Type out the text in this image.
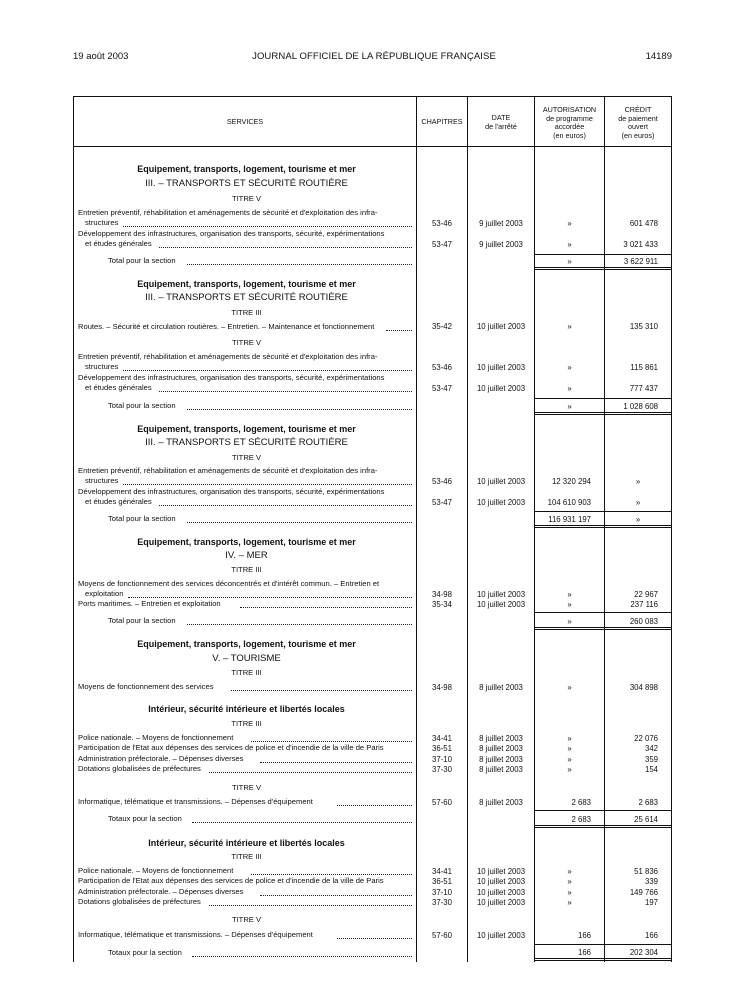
19 août 2003	JOURNAL OFFICIEL DE LA RÉPUBLIQUE FRANÇAISE	14189
SERVICES	CHAPITRES	DATE
de l'arrêté
AUTORISATION
de programme
accordée
(en euros)
CRÉDIT
de paiement
ouvert
(en euros)
Equipement, transports, logement, tourisme et mer
III. – TRANSPORTS ET SÉCURITÉ ROUTIÈRE
TITRE V
Entretien préventif, réhabilitation et aménagements de sécurité et d'exploitation des infra-
structures	53-46	9 juillet 2003	»	601 478
Développement des infrastructures, organisation des transports, sécurité, expérimentations
et études générales	53-47	9 juillet 2003	»	3 021 433
Total pour la section	»	3 622 911
Equipement, transports, logement, tourisme et mer
III. – TRANSPORTS ET SÉCURITÉ ROUTIÈRE
TITRE III
Routes. – Sécurité et circulation routières. – Entretien. – Maintenance et fonctionnement	35-42	10 juillet 2003	»	135 310
TITRE V
Entretien préventif, réhabilitation et aménagements de sécurité et d'exploitation des infra-
structures	53-46	10 juillet 2003	»	115 861
Développement des infrastructures, organisation des transports, sécurité, expérimentations
et études générales	53-47	10 juillet 2003	»	777 437
Total pour la section	»	1 028 608
Equipement, transports, logement, tourisme et mer
III. – TRANSPORTS ET SÉCURITÉ ROUTIÈRE
TITRE V
Entretien préventif, réhabilitation et aménagements de sécurité et d'exploitation des infra-
structures	53-46	10 juillet 2003	12 320 294	»
Développement des infrastructures, organisation des transports, sécurité, expérimentations
et études générales	53-47	10 juillet 2003	104 610 903	»
Total pour la section	116 931 197	»
Equipement, transports, logement, tourisme et mer
IV. – MER
TITRE III
Moyens de fonctionnement des services déconcentrés et d'intérêt commun. – Entretien et
exploitation	34-98	10 juillet 2003	»	22 967
Ports maritimes. – Entretien et exploitation	35-34	10 juillet 2003	»	237 116
Total pour la section	»	260 083
Equipement, transports, logement, tourisme et mer
V. – TOURISME
TITRE III
Moyens de fonctionnement des services	34-98	8 juillet 2003	»	304 898
Intérieur, sécurité intérieure et libertés locales
TITRE III
Police nationale. – Moyens de fonctionnement	34-41	8 juillet 2003	»	22 076
Participation de l'Etat aux dépenses des services de police et d'incendie de la ville de Paris	36-51	8 juillet 2003	»	342
Administration préfectorale. – Dépenses diverses	37-10	8 juillet 2003	»	359
Dotations globalisées de préfectures	37-30	8 juillet 2003	»	154
TITRE V
Informatique, télématique et transmissions. – Dépenses d'équipement	57-60	8 juillet 2003	2 683	2 683
Totaux pour la section	2 683	25 614
Intérieur, sécurité intérieure et libertés locales
TITRE III
Police nationale. – Moyens de fonctionnement	34-41	10 juillet 2003	»	51 836
Participation de l'Etat aux dépenses des services de police et d'incendie de la ville de Paris	36-51	10 juillet 2003	»	339
Administration préfectorale. – Dépenses diverses	37-10	10 juillet 2003	»	149 766
Dotations globalisées de préfectures	37-30	10 juillet 2003	»	197
TITRE V
Informatique, télématique et transmissions. – Dépenses d'équipement	57-60	10 juillet 2003	166	166
Totaux pour la section	166	202 304
